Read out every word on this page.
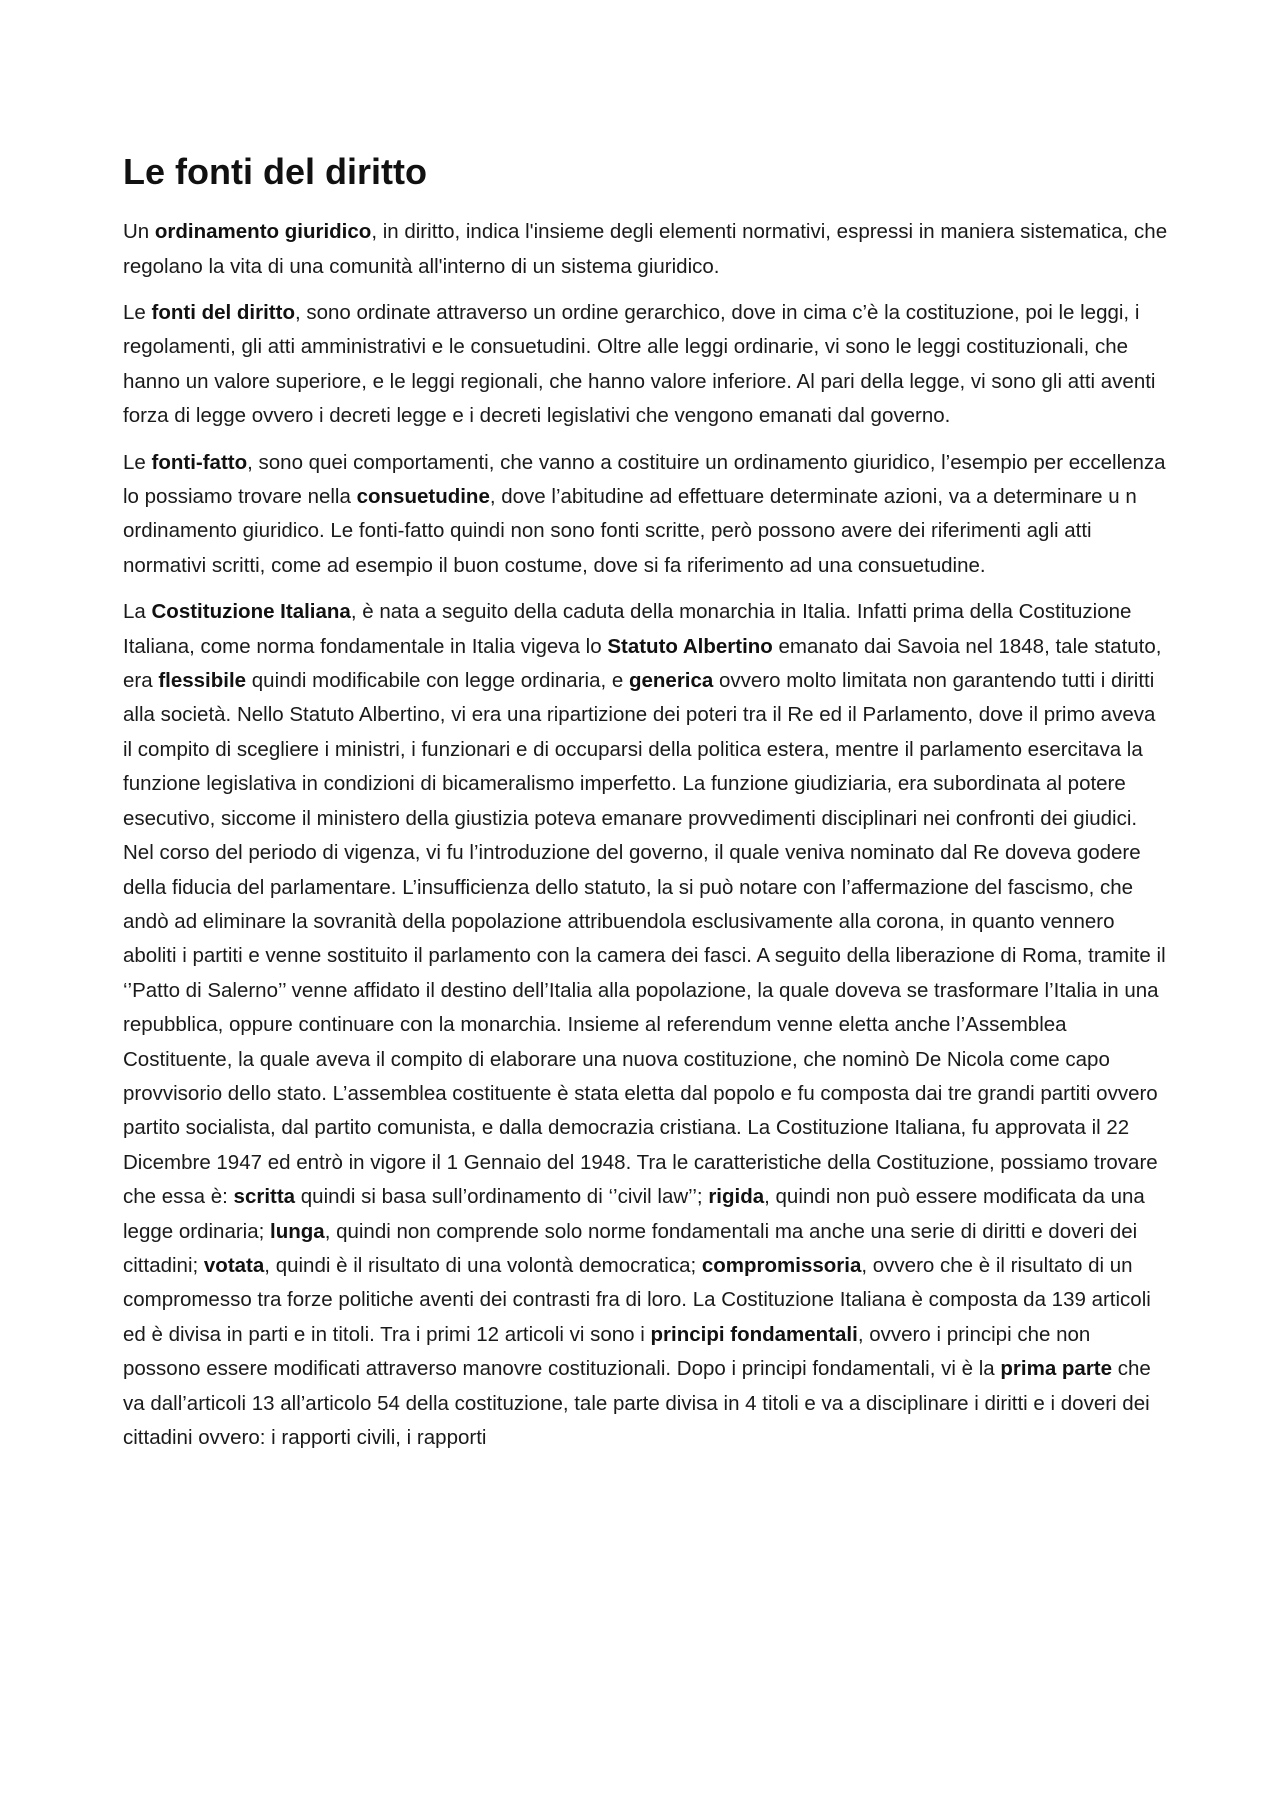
Le fonti del diritto

Un ordinamento giuridico, in diritto, indica l'insieme degli elementi normativi, espressi in maniera sistematica, che regolano la vita di una comunità all'interno di un sistema giuridico.

Le fonti del diritto, sono ordinate attraverso un ordine gerarchico, dove in cima c’è la costituzione, poi le leggi, i regolamenti, gli atti amministrativi e le consuetudini. Oltre alle leggi ordinarie, vi sono le leggi costituzionali, che hanno un valore superiore, e le leggi regionali, che hanno valore inferiore. Al pari della legge, vi sono gli atti aventi forza di legge ovvero i decreti legge e i decreti legislativi che vengono emanati dal governo.

Le fonti-fatto, sono quei comportamenti, che vanno a costituire un ordinamento giuridico, l’esempio per eccellenza lo possiamo trovare nella consuetudine, dove l’abitudine ad effettuare determinate azioni, va a determinare u n ordinamento giuridico. Le fonti-fatto quindi non sono fonti scritte, però possono avere dei riferimenti agli atti normativi scritti, come ad esempio il buon costume, dove si fa riferimento ad una consuetudine.

La Costituzione Italiana, è nata a seguito della caduta della monarchia in Italia. Infatti prima della Costituzione Italiana, come norma fondamentale in Italia vigeva lo Statuto Albertino emanato dai Savoia nel 1848, tale statuto, era flessibile quindi modificabile con legge ordinaria, e generica ovvero molto limitata non garantendo tutti i diritti alla società. Nello Statuto Albertino, vi era una ripartizione dei poteri tra il Re ed il Parlamento, dove il primo aveva il compito di scegliere i ministri, i funzionari e di occuparsi della politica estera, mentre il parlamento esercitava la funzione legislativa in condizioni di bicameralismo imperfetto. La funzione giudiziaria, era subordinata al potere esecutivo, siccome il ministero della giustizia poteva emanare provvedimenti disciplinari nei confronti dei giudici. Nel corso del periodo di vigenza, vi fu l’introduzione del governo, il quale veniva nominato dal Re doveva godere della fiducia del parlamentare. L’insufficienza dello statuto, la si può notare con l’affermazione del fascismo, che andò ad eliminare la sovranità della popolazione attribuendola esclusivamente alla corona, in quanto vennero aboliti i partiti e venne sostituito il parlamento con la camera dei fasci. A seguito della liberazione di Roma, tramite il ‘’Patto di Salerno’’ venne affidato il destino dell’Italia alla popolazione, la quale doveva se trasformare l’Italia in una repubblica, oppure continuare con la monarchia. Insieme al referendum venne eletta anche l’Assemblea Costituente, la quale aveva il compito di elaborare una nuova costituzione, che nominò De Nicola come capo provvisorio dello stato. L’assemblea costituente è stata eletta dal popolo e fu composta dai tre grandi partiti ovvero partito socialista, dal partito comunista, e dalla democrazia cristiana. La Costituzione Italiana, fu approvata il 22 Dicembre 1947 ed entrò in vigore il 1 Gennaio del 1948. Tra le caratteristiche della Costituzione, possiamo trovare che essa è: scritta quindi si basa sull’ordinamento di ‘’civil law’’; rigida, quindi non può essere modificata da una legge ordinaria; lunga, quindi non comprende solo norme fondamentali ma anche una serie di diritti e doveri dei cittadini; votata, quindi è il risultato di una volontà democratica; compromissoria, ovvero che è il risultato di un compromesso tra forze politiche aventi dei contrasti fra di loro. La Costituzione Italiana è composta da 139 articoli ed è divisa in parti e in titoli. Tra i primi 12 articoli vi sono i principi fondamentali, ovvero i principi che non possono essere modificati attraverso manovre costituzionali. Dopo i principi fondamentali, vi è la prima parte che va dall’articoli 13 all’articolo 54 della costituzione, tale parte divisa in 4 titoli e va a disciplinare i diritti e i doveri dei cittadini ovvero: i rapporti civili, i rapporti
